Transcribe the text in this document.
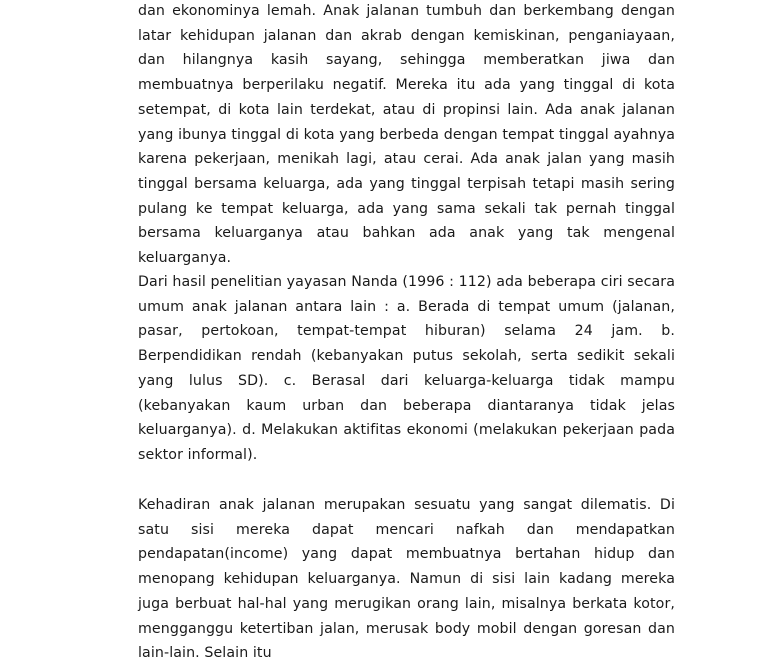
dan ekonominya lemah. Anak jalanan tumbuh dan berkembang dengan latar kehidupan jalanan dan akrab dengan kemiskinan, penganiayaan, dan hilangnya kasih sayang, sehingga memberatkan jiwa dan membuatnya berperilaku negatif. Mereka itu ada yang tinggal di kota setempat, di kota lain terdekat, atau di propinsi lain. Ada anak jalanan yang ibunya tinggal di kota yang berbeda dengan tempat tinggal ayahnya karena pekerjaan, menikah lagi, atau cerai. Ada anak jalan yang masih tinggal bersama keluarga, ada yang tinggal terpisah tetapi masih sering pulang ke tempat keluarga, ada yang sama sekali tak pernah tinggal bersama keluarganya atau bahkan ada anak yang tak mengenal keluarganya.

Dari hasil penelitian yayasan Nanda (1996 : 112) ada beberapa ciri secara umum anak jalanan antara lain : a. Berada di tempat umum (jalanan, pasar, pertokoan, tempat-tempat hiburan) selama 24 jam. b. Berpendidikan rendah (kebanyakan putus sekolah, serta sedikit sekali yang lulus SD). c. Berasal dari keluarga-keluarga tidak mampu (kebanyakan kaum urban dan beberapa diantaranya tidak jelas keluarganya). d. Melakukan aktifitas ekonomi (melakukan pekerjaan pada sektor informal).

Kehadiran anak jalanan merupakan sesuatu yang sangat dilematis. Di satu sisi mereka dapat mencari nafkah dan mendapatkan pendapatan(income) yang dapat membuatnya bertahan hidup dan menopang kehidupan keluarganya. Namun di sisi lain kadang mereka juga berbuat hal-hal yang merugikan orang lain, misalnya berkata kotor, mengganggu ketertiban jalan, merusak body mobil dengan goresan dan lain-lain. Selain itu
